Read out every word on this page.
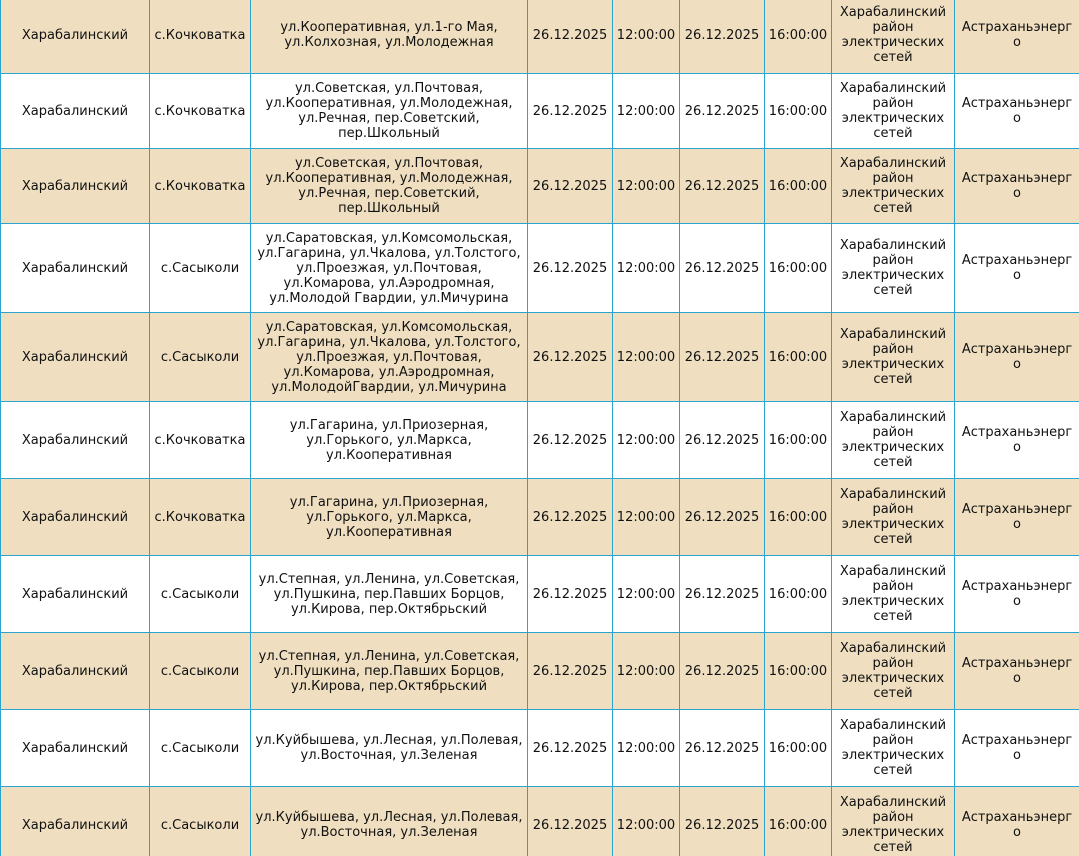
Харабалинский	с.Кочковатка	ул.Кооперативная, ул.1-го Мая, ул.Колхозная, ул.Молодежная	26.12.2025	12:00:00	26.12.2025	16:00:00	Харабалинский район электрических сетей	Астраханьэнерго
Харабалинский	с.Кочковатка	ул.Советская, ул.Почтовая, ул.Кооперативная, ул.Молодежная, ул.Речная, пер.Советский, пер.Школьный	26.12.2025	12:00:00	26.12.2025	16:00:00	Харабалинский район электрических сетей	Астраханьэнерго
Харабалинский	с.Кочковатка	ул.Советская, ул.Почтовая, ул.Кооперативная, ул.Молодежная, ул.Речная, пер.Советский, пер.Школьный	26.12.2025	12:00:00	26.12.2025	16:00:00	Харабалинский район электрических сетей	Астраханьэнерго
Харабалинский	с.Сасыколи	ул.Саратовская, ул.Комсомольская, ул.Гагарина, ул.Чкалова, ул.Толстого, ул.Проезжая, ул.Почтовая, ул.Комарова, ул.Аэродромная, ул.Молодой Гвардии, ул.Мичурина	26.12.2025	12:00:00	26.12.2025	16:00:00	Харабалинский район электрических сетей	Астраханьэнерго
Харабалинский	с.Сасыколи	ул.Саратовская, ул.Комсомольская, ул.Гагарина, ул.Чкалова, ул.Толстого, ул.Проезжая, ул.Почтовая, ул.Комарова, ул.Аэродромная, ул.МолодойГвардии, ул.Мичурина	26.12.2025	12:00:00	26.12.2025	16:00:00	Харабалинский район электрических сетей	Астраханьэнерго
Харабалинский	с.Кочковатка	ул.Гагарина, ул.Приозерная, ул.Горького, ул.Маркса, ул.Кооперативная	26.12.2025	12:00:00	26.12.2025	16:00:00	Харабалинский район электрических сетей	Астраханьэнерго
Харабалинский	с.Кочковатка	ул.Гагарина, ул.Приозерная, ул.Горького, ул.Маркса, ул.Кооперативная	26.12.2025	12:00:00	26.12.2025	16:00:00	Харабалинский район электрических сетей	Астраханьэнерго
Харабалинский	с.Сасыколи	ул.Степная, ул.Ленина, ул.Советская, ул.Пушкина, пер.Павших Борцов, ул.Кирова, пер.Октябрьский	26.12.2025	12:00:00	26.12.2025	16:00:00	Харабалинский район электрических сетей	Астраханьэнерго
Харабалинский	с.Сасыколи	ул.Степная, ул.Ленина, ул.Советская, ул.Пушкина, пер.Павших Борцов, ул.Кирова, пер.Октябрьский	26.12.2025	12:00:00	26.12.2025	16:00:00	Харабалинский район электрических сетей	Астраханьэнерго
Харабалинский	с.Сасыколи	ул.Куйбышева, ул.Лесная, ул.Полевая, ул.Восточная, ул.Зеленая	26.12.2025	12:00:00	26.12.2025	16:00:00	Харабалинский район электрических сетей	Астраханьэнерго
Харабалинский	с.Сасыколи	ул.Куйбышева, ул.Лесная, ул.Полевая, ул.Восточная, ул.Зеленая	26.12.2025	12:00:00	26.12.2025	16:00:00	Харабалинский район электрических сетей	Астраханьэнерго
